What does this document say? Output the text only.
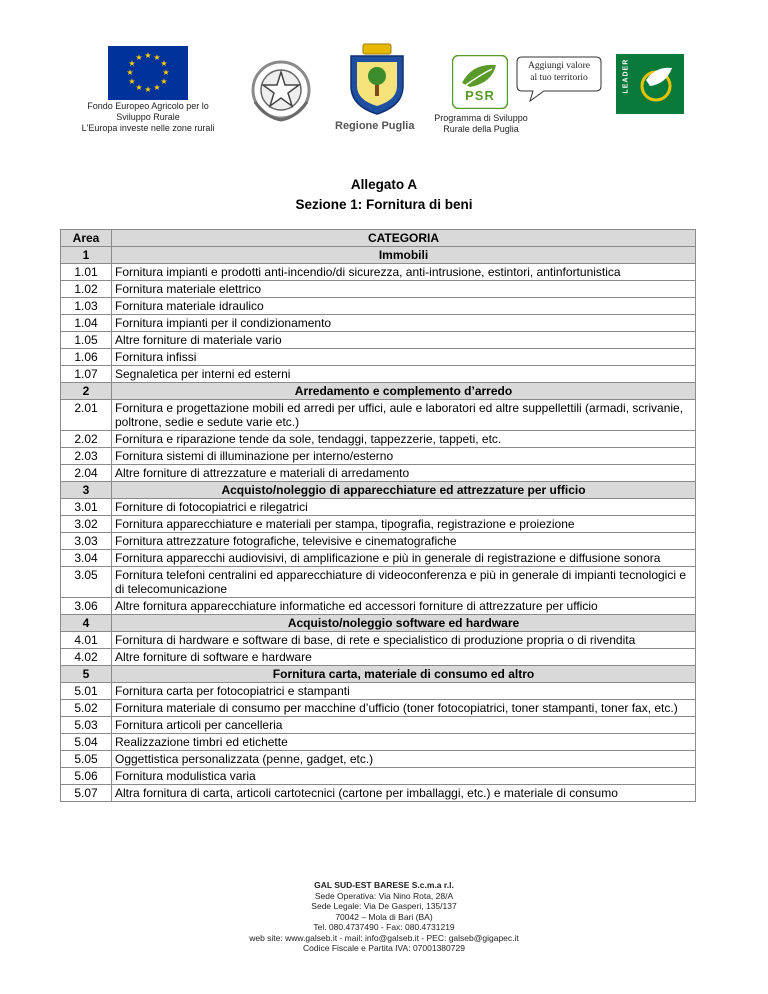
★ ★
★
★
★
★
★
★
★
★
★
★
Fondo Europeo Agricolo per lo
Sviluppo Rurale
L'Europa investe nelle zone rurali	Regione Puglia
PSR
Programma di Sviluppo
Rurale della Puglia
Aggiungi valore
al tuo territorio	LEADER
Allegato A
Sezione 1: Fornitura di beni
Area	CATEGORIA
1	Immobili
1.01	Fornitura impianti e prodotti anti-incendio/di sicurezza, anti-intrusione, estintori, antinfortunistica
1.02	Fornitura materiale elettrico
1.03	Fornitura materiale idraulico
1.04	Fornitura impianti per il condizionamento
1.05	Altre forniture di materiale vario
1.06	Fornitura infissi
1.07	Segnaletica per interni ed esterni
2	Arredamento e complemento d’arredo
2.01	Fornitura e progettazione mobili ed arredi per uffici, aule e laboratori ed altre suppellettili (armadi, scrivanie, poltrone, sedie e sedute varie etc.)
2.02	Fornitura e riparazione tende da sole, tendaggi, tappezzerie, tappeti, etc.
2.03	Fornitura sistemi di illuminazione per interno/esterno
2.04	Altre forniture di attrezzature e materiali di arredamento
3	Acquisto/noleggio di apparecchiature ed attrezzature per ufficio
3.01	Forniture di fotocopiatrici e rilegatrici
3.02	Fornitura apparecchiature e materiali per stampa, tipografia, registrazione e proiezione
3.03	Fornitura attrezzature fotografiche, televisive e cinematografiche
3.04	Fornitura apparecchi audiovisivi, di amplificazione e più in generale di registrazione e diffusione sonora
3.05	Fornitura telefoni centralini ed apparecchiature di videoconferenza e più in generale di impianti tecnologici e di telecomunicazione
3.06	Altre fornitura apparecchiature informatiche ed accessori forniture di attrezzature per ufficio
4	Acquisto/noleggio software ed hardware
4.01	Fornitura di hardware e software di base, di rete e specialistico di produzione propria o di rivendita
4.02	Altre forniture di software e hardware
5	Fornitura carta, materiale di consumo ed altro
5.01	Fornitura carta per fotocopiatrici e stampanti
5.02	Fornitura materiale di consumo per macchine d’ufficio (toner fotocopiatrici, toner stampanti, toner fax, etc.)
5.03	Fornitura articoli per cancelleria
5.04	Realizzazione timbri ed etichette
5.05	Oggettistica personalizzata (penne, gadget, etc.)
5.06	Fornitura modulistica varia
5.07	Altra fornitura di carta, articoli cartotecnici (cartone per imballaggi, etc.) e materiale di consumo
GAL SUD-EST BARESE S.c.m.a r.l.
Sede Operativa: Via Nino Rota, 28/A
Sede Legale: Via De Gasperi, 135/137
70042 – Mola di Bari (BA)
Tel. 080.4737490 - Fax: 080.4731219
web site: www.galseb.it - mail: info@galseb.it - PEC: galseb@gigapec.it
Codice Fiscale e Partita IVA: 07001380729
